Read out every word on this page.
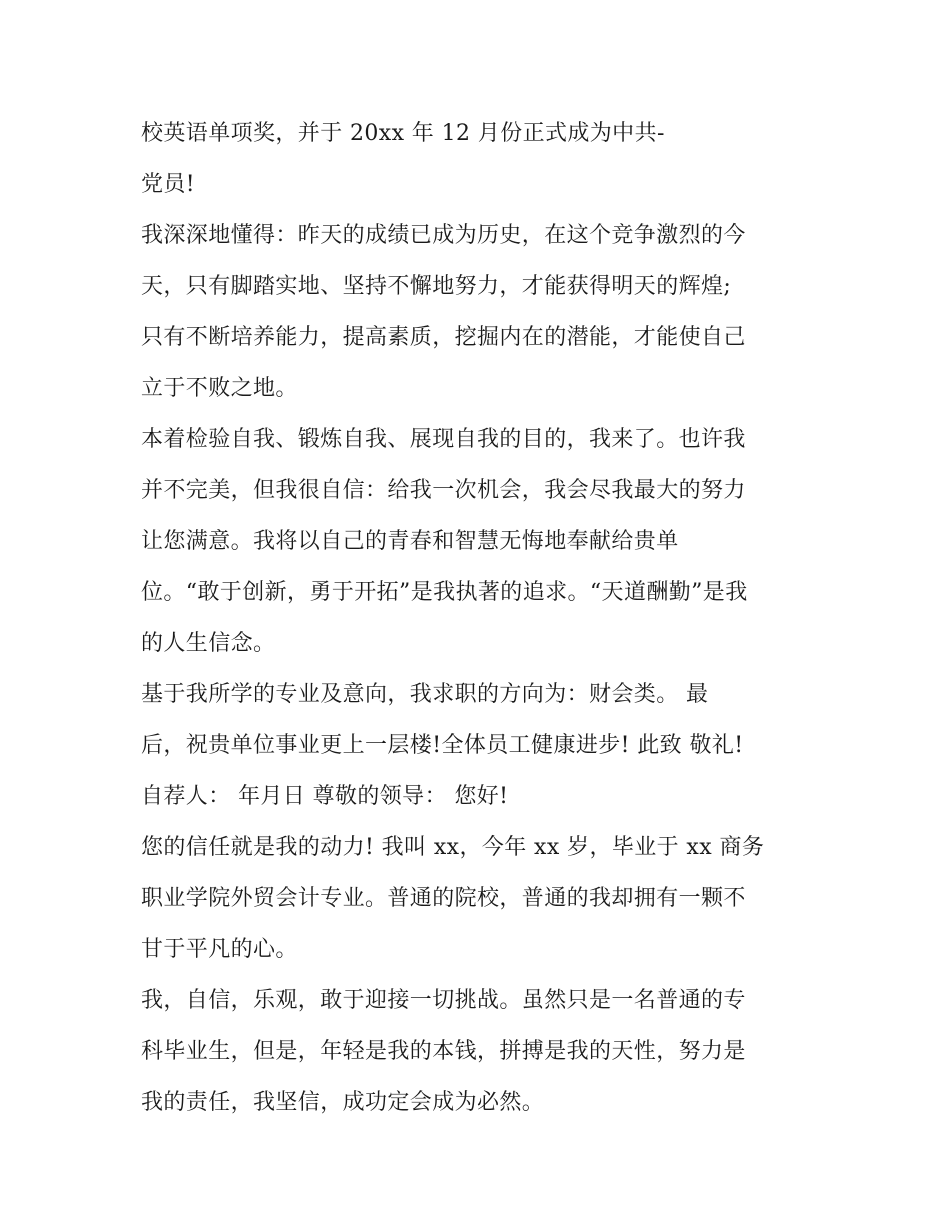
校英语单项奖，并于 20xx 年 12 月份正式成为中共-
党员!
我深深地懂得：昨天的成绩已成为历史，在这个竞争激烈的今
天，只有脚踏实地、坚持不懈地努力，才能获得明天的辉煌;
只有不断培养能力，提高素质，挖掘内在的潜能，才能使自己
立于不败之地。
本着检验自我、锻炼自我、展现自我的目的，我来了。也许我
并不完美，但我很自信：给我一次机会，我会尽我最大的努力
让您满意。我将以自己的青春和智慧无悔地奉献给贵单
位。“敢于创新，勇于开拓”是我执著的追求。“天道酬勤”是我
的人生信念。
基于我所学的专业及意向，我求职的方向为：财会类。 最
后，祝贵单位事业更上一层楼!全体员工健康进步! 此致 敬礼!
自荐人： 年月日 尊敬的领导： 您好!
您的信任就是我的动力! 我叫 xx，今年 xx 岁，毕业于 xx 商务
职业学院外贸会计专业。普通的院校，普通的我却拥有一颗不
甘于平凡的心。
我，自信，乐观，敢于迎接一切挑战。虽然只是一名普通的专
科毕业生，但是，年轻是我的本钱，拼搏是我的天性，努力是
我的责任，我坚信，成功定会成为必然。
